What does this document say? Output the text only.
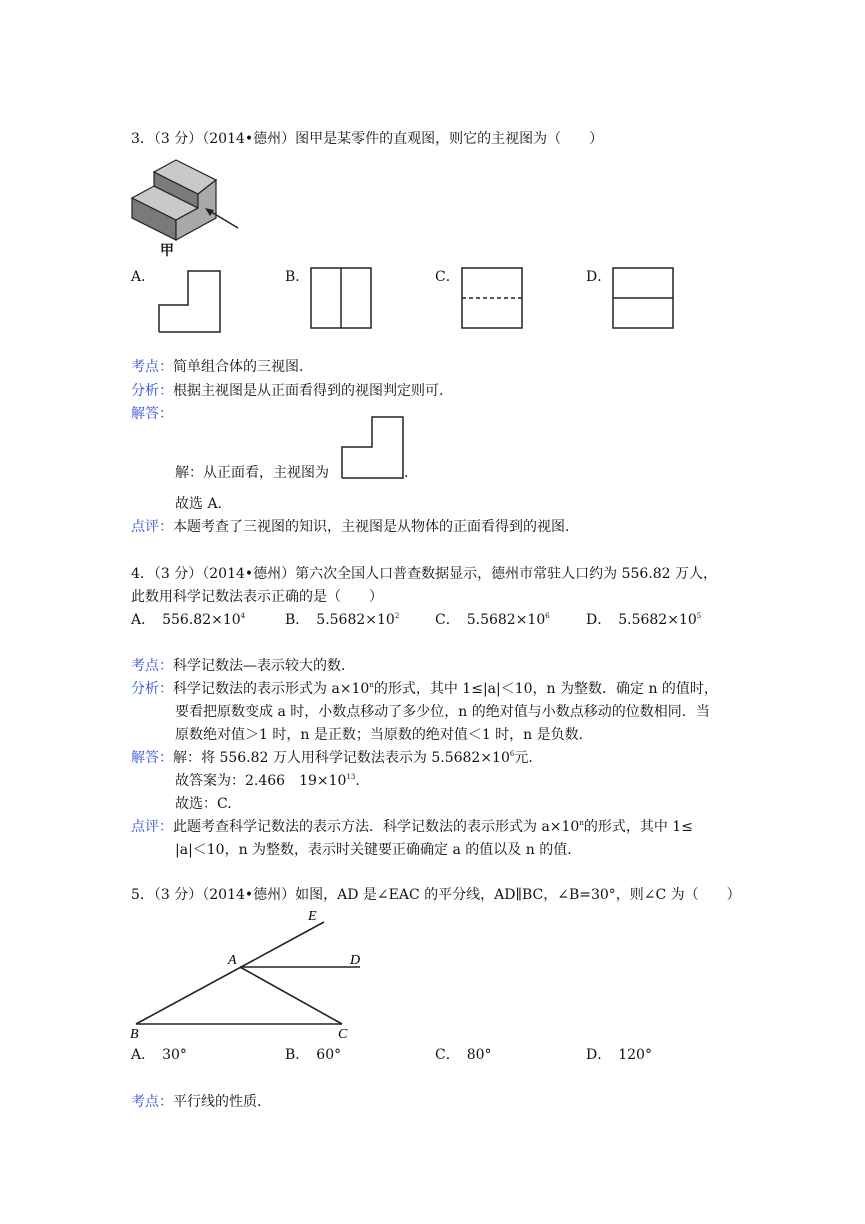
3．（3 分）（2014•德州）图甲是某零件的直观图，则它的主视图为（　　）
甲
A．	B．	C．	D．
考点：简单组合体的三视图.
分析：根据主视图是从正面看得到的视图判定则可.
解答：
解：从正面看，主视图为	.
故选 A.
点评：本题考查了三视图的知识，主视图是从物体的正面看得到的视图.
4．（3 分）（2014•德州）第六次全国人口普查数据显示，德州市常驻人口约为 556.82 万人，
此数用科学记数法表示正确的是（　　）
A．　$556.82\times 10^4$	B．　$5.5682\times 10^2$	C．　$5.5682\times 10^6$	D．　$5.5682\times 10^5$
考点：科学记数法—表示较大的数.
分析：科学记数法的表示形式为 $a\times 10^n$的形式，其中 1≤|a|＜10，n 为整数．确定 n 的值时，
要看把原数变成 a 时，小数点移动了多少位，n 的绝对值与小数点移动的位数相同．当
原数绝对值＞1 时，n 是正数；当原数的绝对值＜1 时，n 是负数.
解答：解：将 556.82 万人用科学记数法表示为 $5.5682\times 10^6$元.
故答案为：2.466　$19\times 10^{13}$.
故选：C.
点评：此题考查科学记数法的表示方法．科学记数法的表示形式为 $a\times 10^n$的形式，其中 1≤
|a|＜10，n 为整数，表示时关键要正确确定 a 的值以及 n 的值.
5．（3 分）（2014•德州）如图，AD 是∠EAC 的平分线，AD∥BC，∠B=30°，则∠C 为（　　）
E
A	D
B	C
A．　30°	B．　60°	C．　80°	D．　120°
考点：平行线的性质.
